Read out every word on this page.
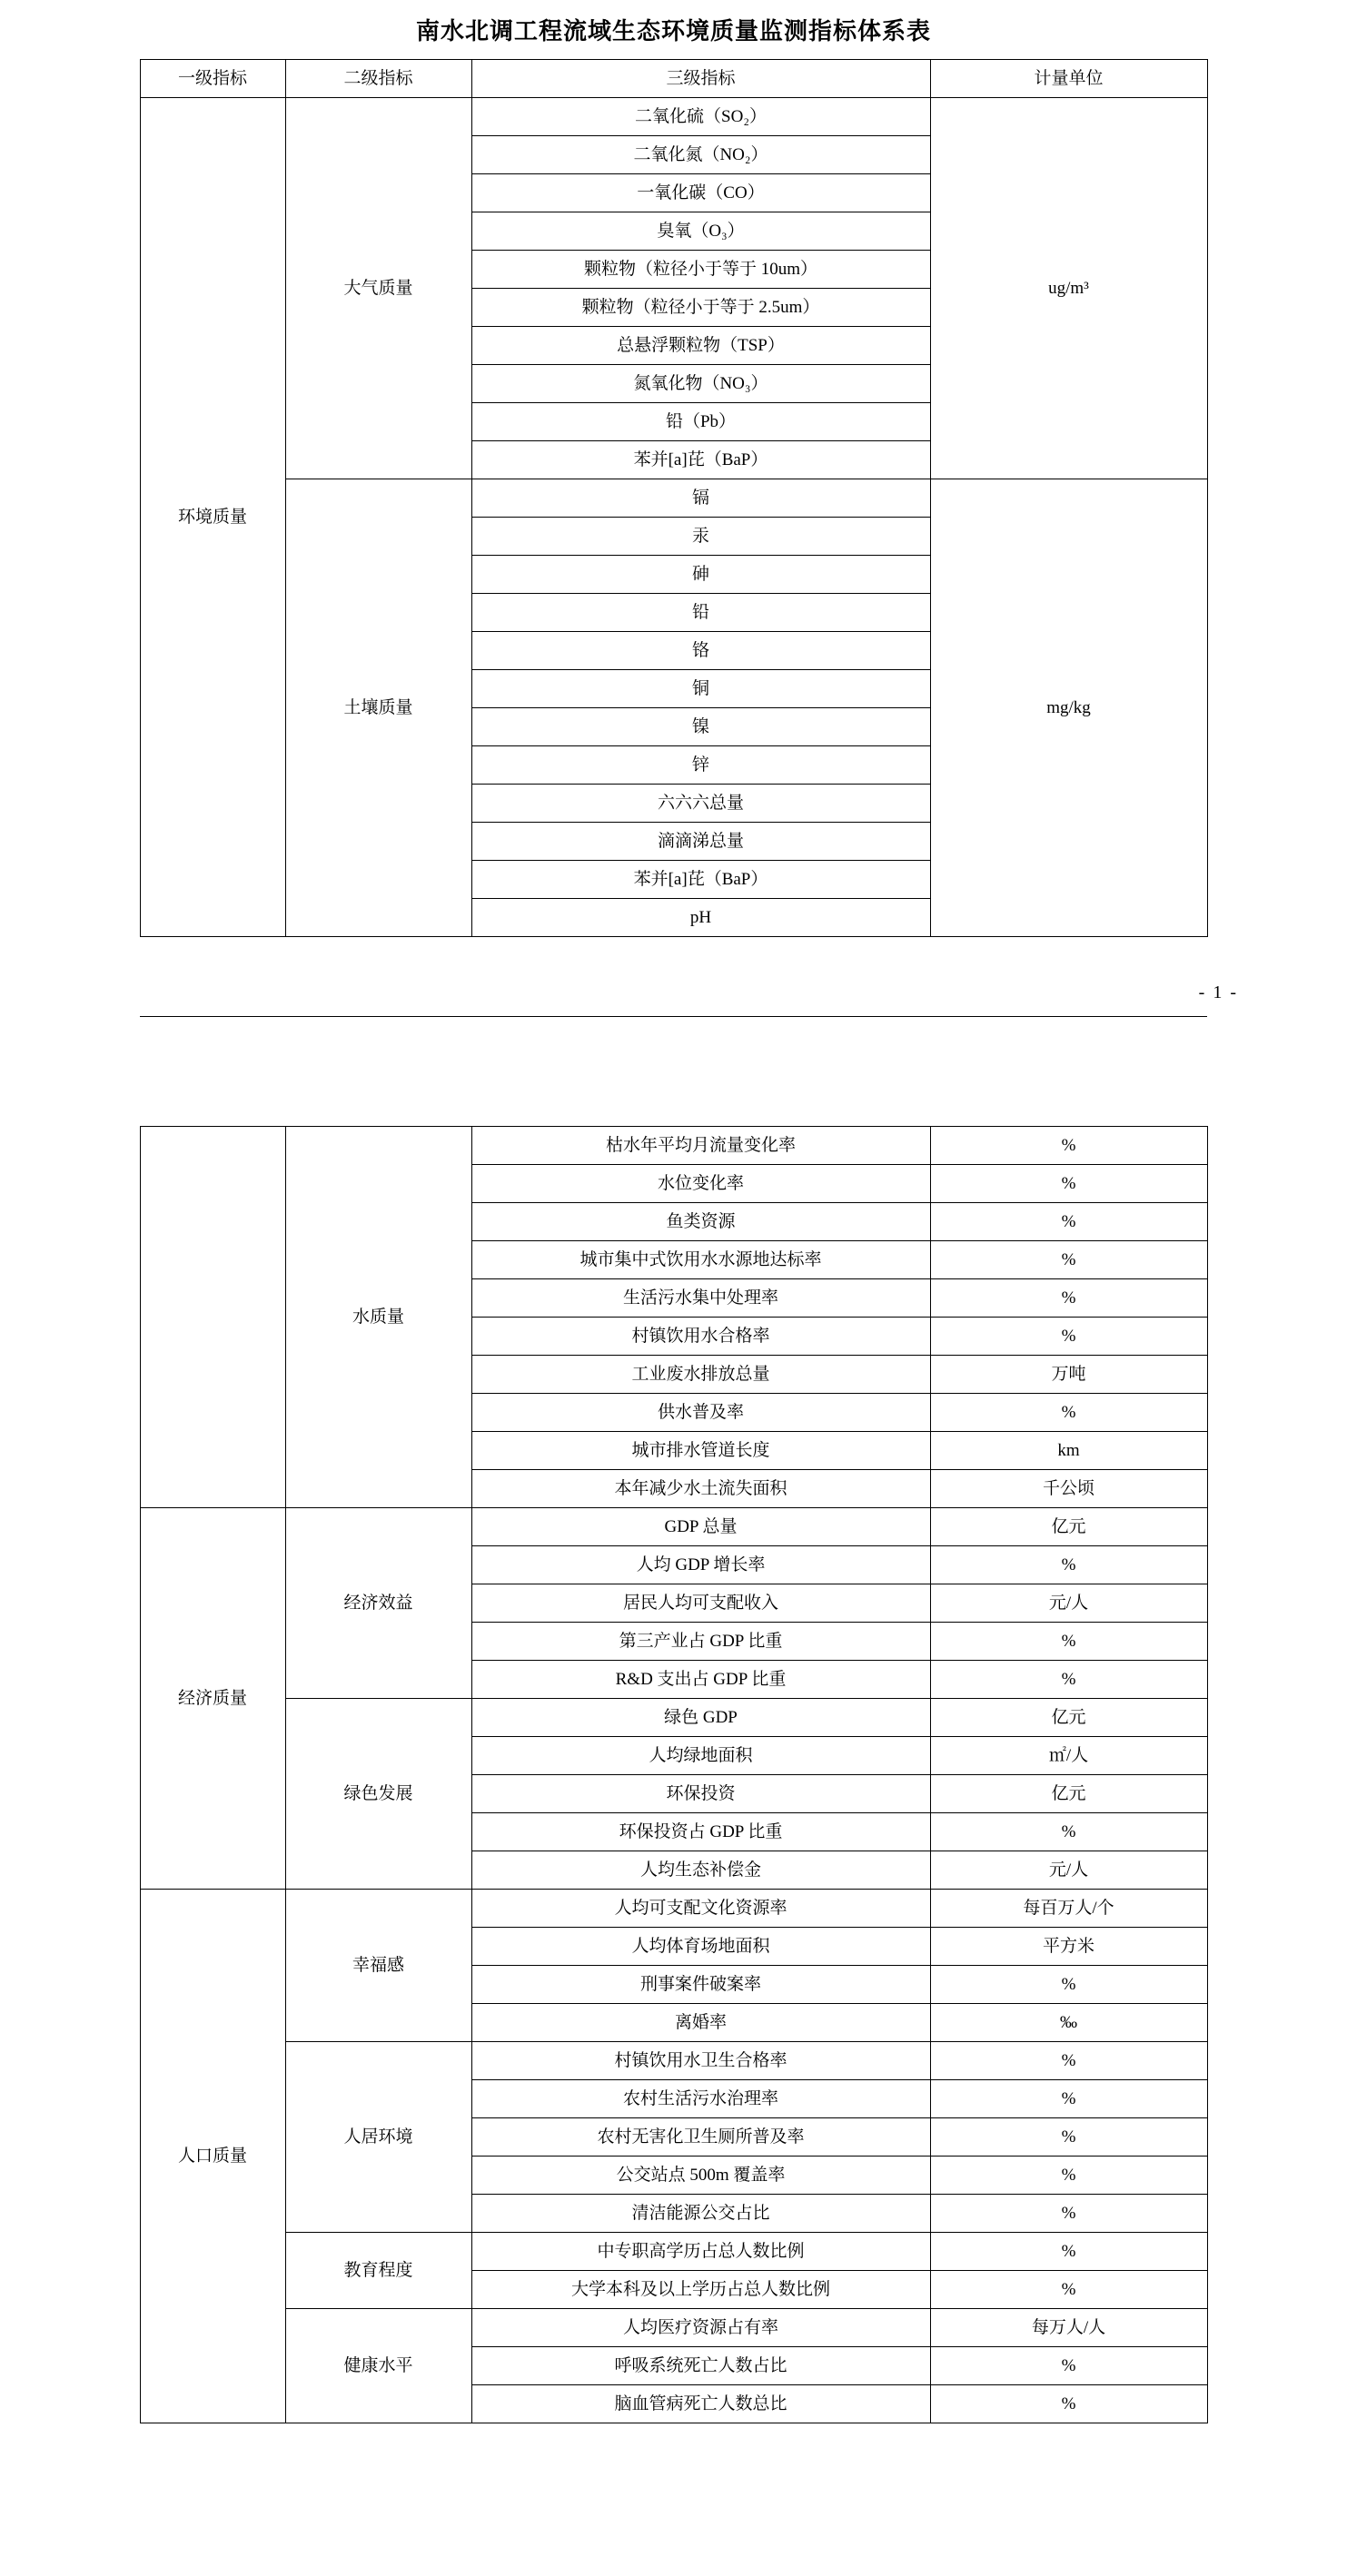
南水北调工程流域生态环境质量监测指标体系表
一级指标	二级指标	三级指标	计量单位
环境质量	大气质量	二氧化硫（SO₂）	ug/m³
		二氧化氮（NO₂）	
		一氧化碳（CO）	
		臭氧（O₃）	
		颗粒物（粒径小于等于 10um）	
		颗粒物（粒径小于等于 2.5um）	
		总悬浮颗粒物（TSP）	
		氮氧化物（NO₃）	
		铅（Pb）	
		苯并[a]芘（BaP）	
	土壤质量	镉	mg/kg
		汞	
		砷	
		铅	
		铬	
		铜	
		镍	
		锌	
		六六六总量	
		滴滴涕总量	
		苯并[a]芘（BaP）	
		pH	
- 1 -
	水质量	枯水年平均月流量变化率	%
		水位变化率	%
		鱼类资源	%
		城市集中式饮用水水源地达标率	%
		生活污水集中处理率	%
		村镇饮用水合格率	%
		工业废水排放总量	万吨
		供水普及率	%
		城市排水管道长度	km
		本年减少水土流失面积	千公顷
经济质量	经济效益	GDP 总量	亿元
		人均 GDP 增长率	%
		居民人均可支配收入	元/人
		第三产业占 GDP 比重	%
		R&D 支出占 GDP 比重	%
	绿色发展	绿色 GDP	亿元
		人均绿地面积	㎡/人
		环保投资	亿元
		环保投资占 GDP 比重	%
		人均生态补偿金	元/人
人口质量	幸福感	人均可支配文化资源率	每百万人/个
		人均体育场地面积	平方米
		刑事案件破案率	%
		离婚率	‰
	人居环境	村镇饮用水卫生合格率	%
		农村生活污水治理率	%
		农村无害化卫生厕所普及率	%
		公交站点 500m 覆盖率	%
		清洁能源公交占比	%
	教育程度	中专职高学历占总人数比例	%
		大学本科及以上学历占总人数比例	%
	健康水平	人均医疗资源占有率	每万人/人
		呼吸系统死亡人数占比	%
		脑血管病死亡人数总比	%
